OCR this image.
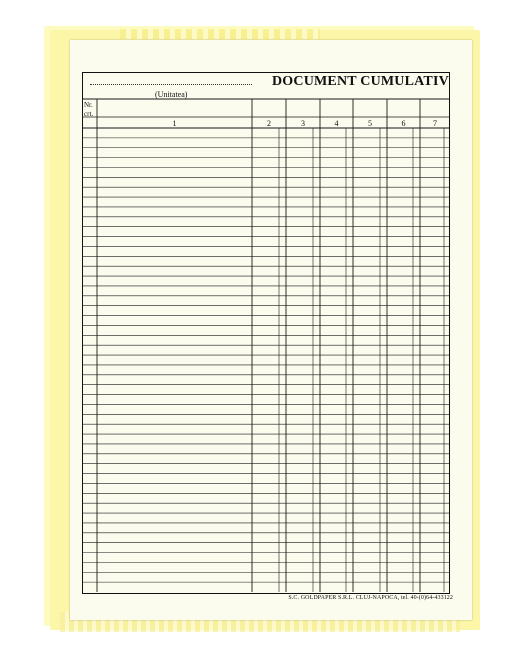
(Unitatea)
DOCUMENT CUMULATIV
Nr.
crt.
1	2	3	4	5	6	7
S.C. GOLDPAPER S.R.L. CLUJ-NAPOCA, tel. 40-(0)64-433122
